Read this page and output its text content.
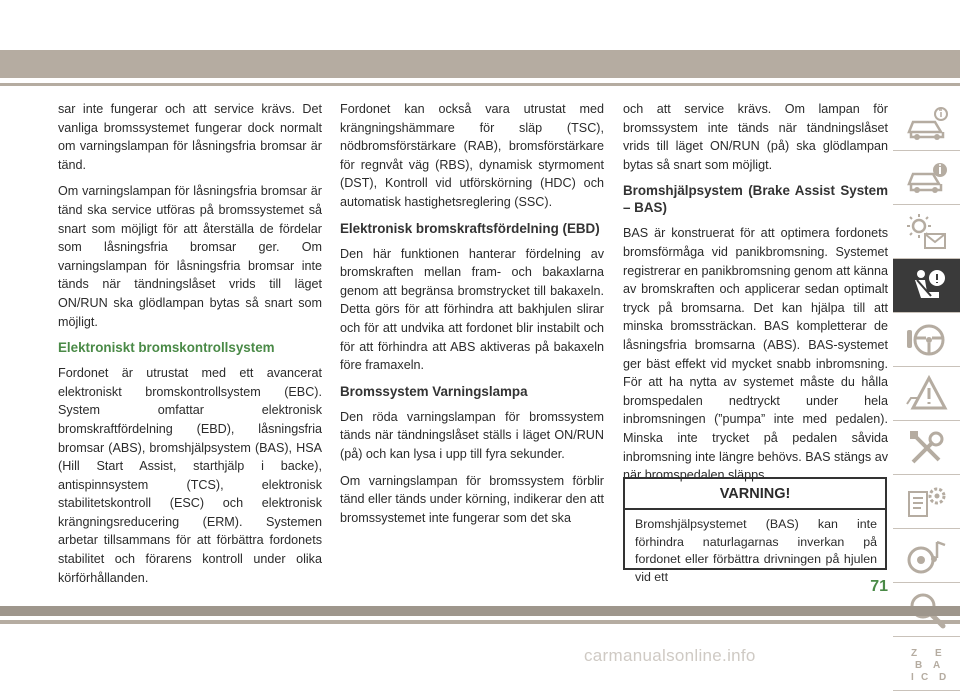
sar inte fungerar och att service krävs. Det vanliga bromssystemet fungerar dock normalt om varningslampan för låsningsfria bromsar är tänd.

Om varningslampan för låsningsfria bromsar är tänd ska service utföras på bromssystemet så snart som möjligt för att återställa de fördelar som låsningsfria bromsar ger. Om varningslampan för låsningsfria bromsar inte tänds när tändningslåset vrids till läget ON/RUN ska glödlampan bytas så snart som möjligt.

Elektroniskt bromskontrollsystem

Fordonet är utrustat med ett avancerat elektroniskt bromskontrollsystem (EBC). System omfattar elektronisk bromskraftfördelning (EBD), låsningsfria bromsar (ABS), bromshjälpsystem (BAS), HSA (Hill Start Assist, starthjälp i backe), antispinnsystem (TCS), elektronisk stabilitetskontroll (ESC) och elektronisk krängningsreducering (ERM). Systemen arbetar tillsammans för att förbättra fordonets stabilitet och förarens kontroll under olika körförhållanden.

Fordonet kan också vara utrustat med krängningshämmare för släp (TSC), nödbromsförstärkare (RAB), bromsförstärkare för regnvåt väg (RBS), dynamisk styrmoment (DST), Kontroll vid utförskörning (HDC) och automatisk hastighetsreglering (SSC).

Elektronisk bromskraftsfördelning (EBD)

Den här funktionen hanterar fördelning av bromskraften mellan fram- och bakaxlarna genom att begränsa bromstrycket till bakaxeln. Detta görs för att förhindra att bakhjulen slirar och för att undvika att fordonet blir instabilt och för att förhindra att ABS aktiveras på bakaxeln före framaxeln.

Bromssystem Varningslampa

Den röda varningslampan för bromssystem tänds när tändningslåset ställs i läget ON/RUN (på) och kan lysa i upp till fyra sekunder.

Om varningslampan för bromssystem förblir tänd eller tänds under körning, indikerar den att bromssystemet inte fungerar som det ska

och att service krävs. Om lampan för bromssystem inte tänds när tändningslåset vrids till läget ON/RUN (på) ska glödlampan bytas så snart som möjligt.

Bromshjälpsystem (Brake Assist System – BAS)

BAS är konstruerat för att optimera fordonets bromsförmåga vid panikbromsning. Systemet registrerar en panikbromsning genom att känna av bromskraften och applicerar sedan optimalt tryck på bromsarna. Det kan hjälpa till att minska bromssträckan. BAS kompletterar de låsningsfria bromsarna (ABS). BAS-systemet ger bäst effekt vid mycket snabb inbromsning. För att ha nytta av systemet måste du hålla bromspedalen nedtryckt under hela inbromsningen (”pumpa” inte med pedalen). Minska inte trycket på pedalen såvida inbromsning inte längre behövs. BAS stängs av när bromspedalen släpps.

VARNING!
Bromshjälpsystemet (BAS) kan inte förhindra naturlagarnas inverkan på fordonet eller förbättra drivningen på hjulen vid ett
Z E
B A
I C D
71
carmanualsonline.info
